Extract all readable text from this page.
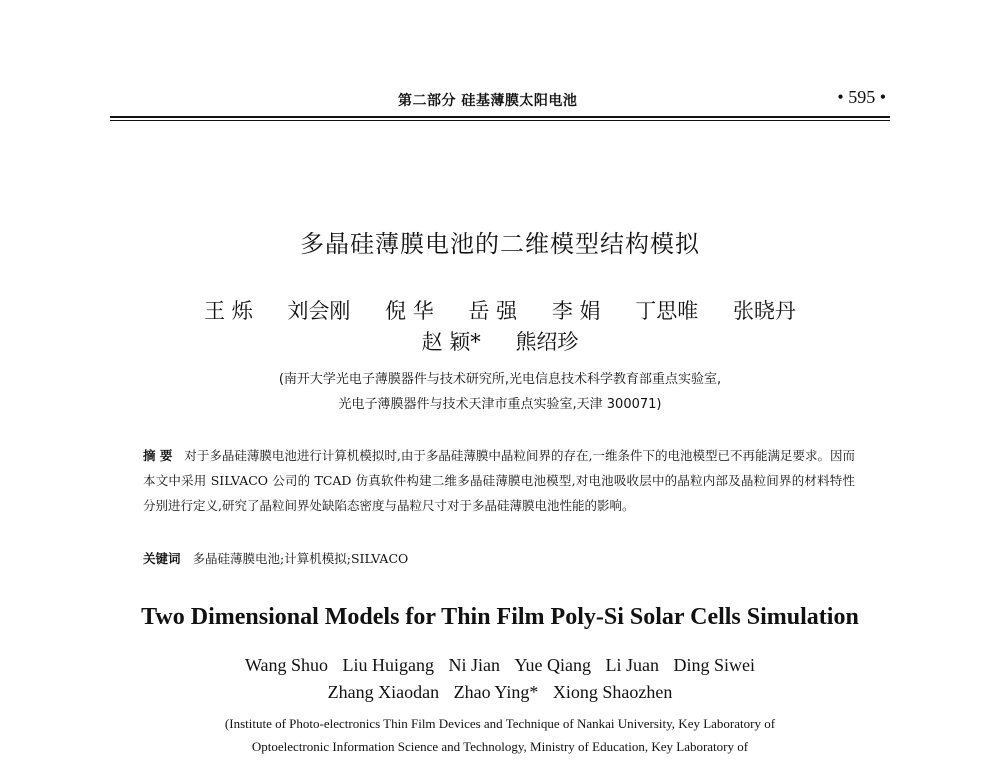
第二部分 硅基薄膜太阳电池	• 595 •
多晶硅薄膜电池的二维模型结构模拟
王 烁 刘会刚 倪 华 岳 强 李 娟 丁思唯 张晓丹
赵 颖* 熊绍珍
(南开大学光电子薄膜器件与技术研究所,光电信息技术科学教育部重点实验室,
光电子薄膜器件与技术天津市重点实验室,天津 300071)
摘 要 对于多晶硅薄膜电池进行计算机模拟时,由于多晶硅薄膜中晶粒间界的存在,一维条件下的电池模型已不再能满足要求。因而本文中采用 SILVACO 公司的 TCAD 仿真软件构建二维多晶硅薄膜电池模型,对电池吸收层中的晶粒内部及晶粒间界的材料特性分别进行定义,研究了晶粒间界处缺陷态密度与晶粒尺寸对于多晶硅薄膜电池性能的影响。
关键词 多晶硅薄膜电池;计算机模拟;SILVACO
Two Dimensional Models for Thin Film Poly-Si Solar Cells Simulation
Wang Shuo Liu Huigang Ni Jian Yue Qiang Li Juan Ding Siwei
Zhang Xiaodan Zhao Ying* Xiong Shaozhen
(Institute of Photo-electronics Thin Film Devices and Technique of Nankai University, Key Laboratory of
Optoelectronic Information Science and Technology, Ministry of Education, Key Laboratory of
